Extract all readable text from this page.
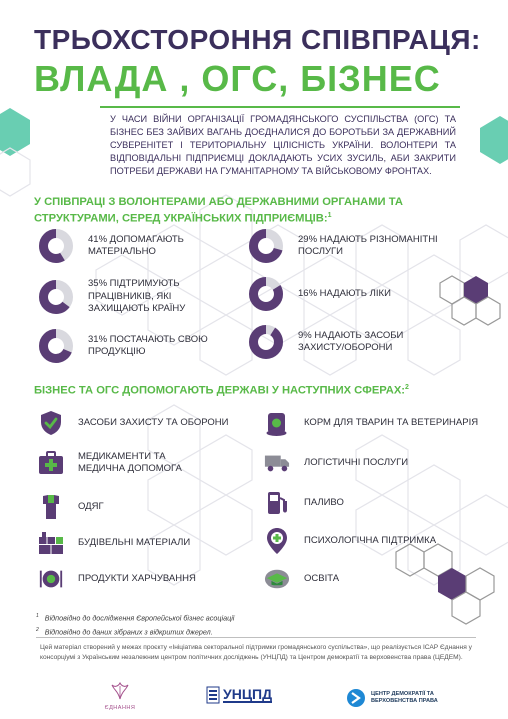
ТРЬОХСТОРОННЯ СПІВПРАЦЯ:
ВЛАДА , ОГС, БІЗНЕС
У ЧАСИ ВІЙНИ ОРГАНІЗАЦІЇ ГРОМАДЯНСЬКОГО СУСПІЛЬСТВА (ОГС) ТА БІЗНЕС БЕЗ ЗАЙВИХ ВАГАНЬ ДОЄДНАЛИСЯ ДО БОРОТЬБИ ЗА ДЕРЖАВНИЙ СУВЕРЕНІТЕТ І ТЕРИТОРІАЛЬНУ ЦІЛІСНІСТЬ УКРАЇНИ. ВОЛОНТЕРИ ТА ВІДПОВІДАЛЬНІ ПІДПРИЄМЦІ ДОКЛАДАЮТЬ УСИХ ЗУСИЛЬ, АБИ ЗАКРИТИ ПОТРЕБИ ДЕРЖАВИ НА ГУМАНІТАРНОМУ ТА ВІЙСЬКОВОМУ ФРОНТАХ.
У СПІВПРАЦІ З ВОЛОНТЕРАМИ АБО ДЕРЖАВНИМИ ОРГАНАМИ ТА СТРУКТУРАМИ, СЕРЕД УКРАЇНСЬКИХ ПІДПРИЄМЦІВ:$^1$
41% ДОПОМАГАЮТЬ МАТЕРІАЛЬНО
35% ПІДТРИМУЮТЬ ПРАЦІВНИКІВ, ЯКІ ЗАХИЩАЮТЬ КРАЇНУ
31% ПОСТАЧАЮТЬ СВОЮ ПРОДУКЦІЮ
29% НАДАЮТЬ РІЗНОМАНІТНІ ПОСЛУГИ
16% НАДАЮТЬ ЛІКИ
9% НАДАЮТЬ ЗАСОБИ ЗАХИСТУ/ОБОРОНИ
БІЗНЕС ТА ОГС ДОПОМОГАЮТЬ ДЕРЖАВІ У НАСТУПНИХ СФЕРАХ:$^2$
ЗАСОБИ ЗАХИСТУ ТА ОБОРОНИ
МЕДИКАМЕНТИ ТА МЕДИЧНА ДОПОМОГА
ОДЯГ
БУДІВЕЛЬНІ МАТЕРІАЛИ
ПРОДУКТИ ХАРЧУВАННЯ
КОРМ ДЛЯ ТВАРИН ТА ВЕТЕРИНАРІЯ
ЛОГІСТИЧНІ ПОСЛУГИ
ПАЛИВО
ПСИХОЛОГІЧНА ПІДТРИМКА
ОСВІТА
$^1$ Відповідно до дослідження Європейської бізнес асоціації
$^2$ Відповідно до даних зібраних з відкритих джерел.
Цей матеріал створений у межах проєкту «Ініціатива секторальної підтримки громадянського суспільства», що реалізується ІСАР Єднання у консорціумі з Українським незалежним центром політичних досліджень (УНЦПД) та Центром демократії та верховенства права (ЦЕДЕМ).
ЄДНАННЯ
УНЦПД	ЦЕНТР ДЕМОКРАТІЇ ТА
ВЕРХОВЕНСТВА ПРАВА
